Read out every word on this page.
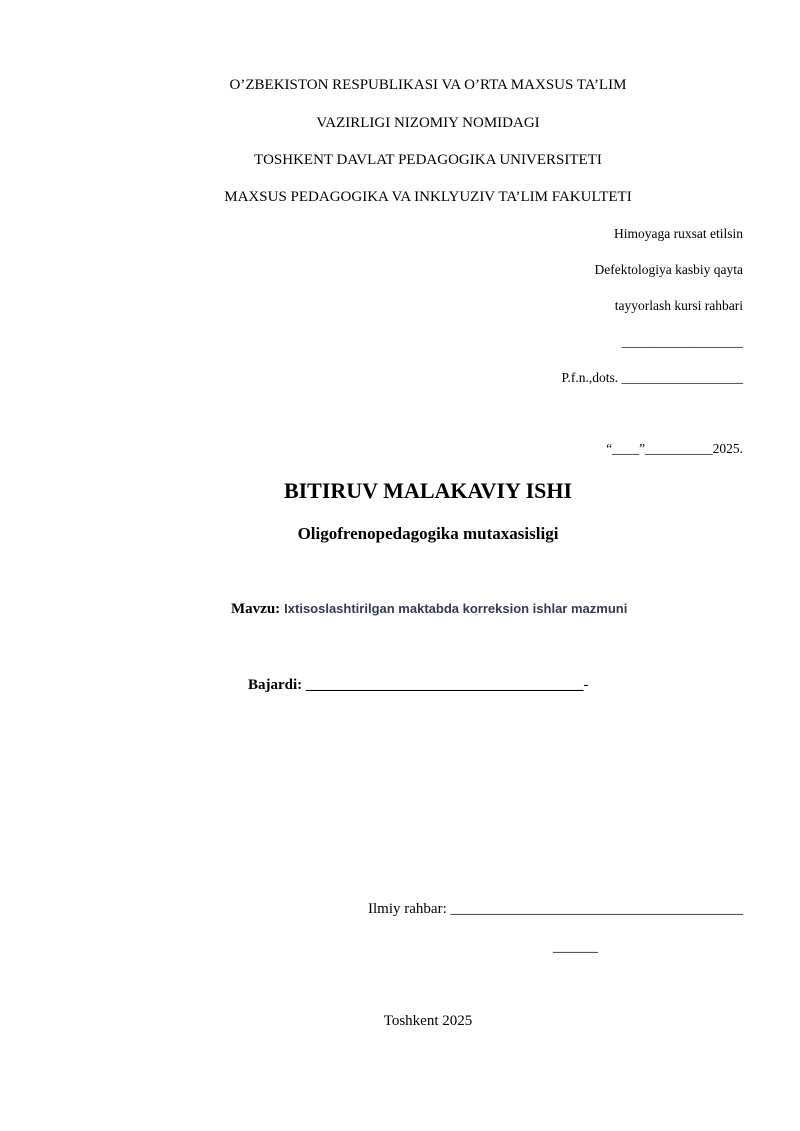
O’ZBEKISTON RESPUBLIKASI VA O’RTA MAXSUS TA’LIM
VAZIRLIGI NIZOMIY NOMIDAGI
TOSHKENT DAVLAT PEDAGOGIKA UNIVERSITETI
MAXSUS PEDAGOGIKA VA INKLYUZIV TA’LIM FAKULTETI
Himoyaga ruxsat etilsin
Defektologiya kasbiy qayta
tayyorlash kursi rahbari
__________________
P.f.n.,dots. __________________
“____”__________2025.
BITIRUV MALAKAVIY ISHI
Oligofrenopedagogika mutaxasisligi
Mavzu: Ixtisoslashtirilgan maktabda korreksion ishlar mazmuni
Bajardi: _____________________________________-
Ilmiy rahbar: _______________________________________
______
Toshkent 2025
